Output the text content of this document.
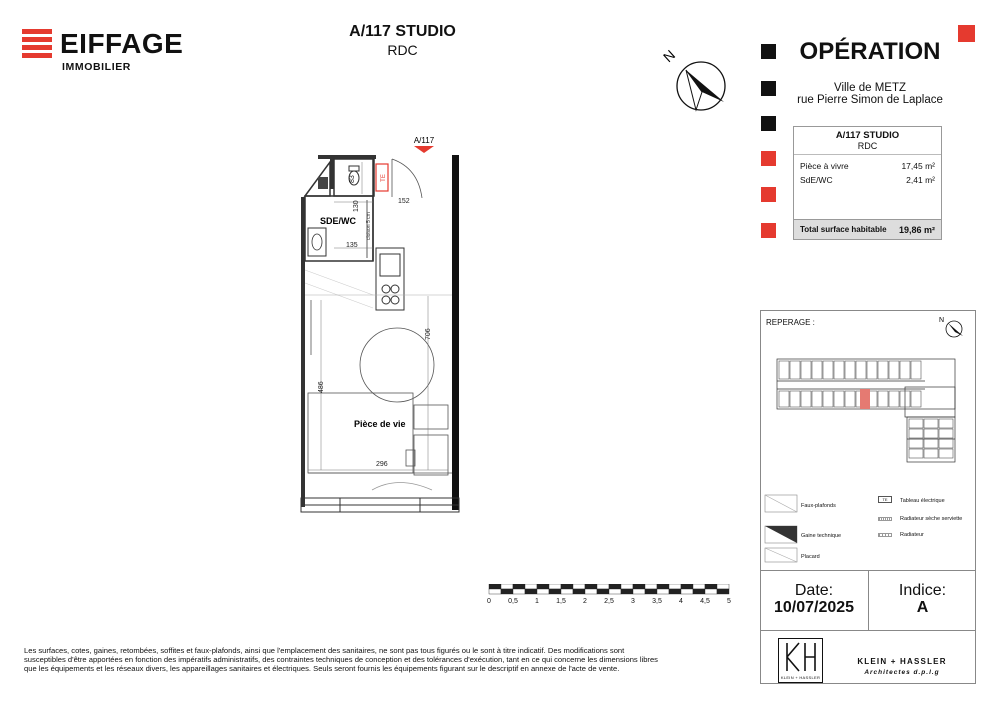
EIFFAGE
IMMOBILIER
A/117 STUDIO
RDC	N	OPÉRATION
Ville de METZ
rue Pierre Simon de Laplace
A/117 STUDIO
RDC
Pièce à vivre	17,45 m²
SdE/WC	2,41 m²
Total surface habitable 19,86 m²
A/117
TE
83
130	152
135
706
486
296
cloison 5 cm
SDE/WC
Pièce de vie
0	0,5	1	1,5	2	2,5	3	3,5	4	4,5	5
REPERAGE :	N
Faux-plafonds
Gaine technique
Placard
TE	Tableau électrique
Radiateur sèche serviette
Radiateur
Date:
10/07/2025
Indice:
A
KLEIN + HASSLER
KLEIN + HASSLER
Architectes d.p.l.g
Les surfaces, cotes, gaines, retombées, soffites et faux-plafonds, ainsi que l'emplacement des sanitaires, ne sont pas tous figurés ou le sont à titre indicatif. Des modifications sont susceptibles d'être apportées en fonction des impératifs administratifs, des contraintes techniques de conception et des tolérances d'exécution, tant en ce qui concerne les dimensions libres que les équipements et les réseaux divers, les appareillages sanitaires et électriques. Seuls seront fournis les équipements figurant sur le descriptif en annexe de l'acte de vente.
